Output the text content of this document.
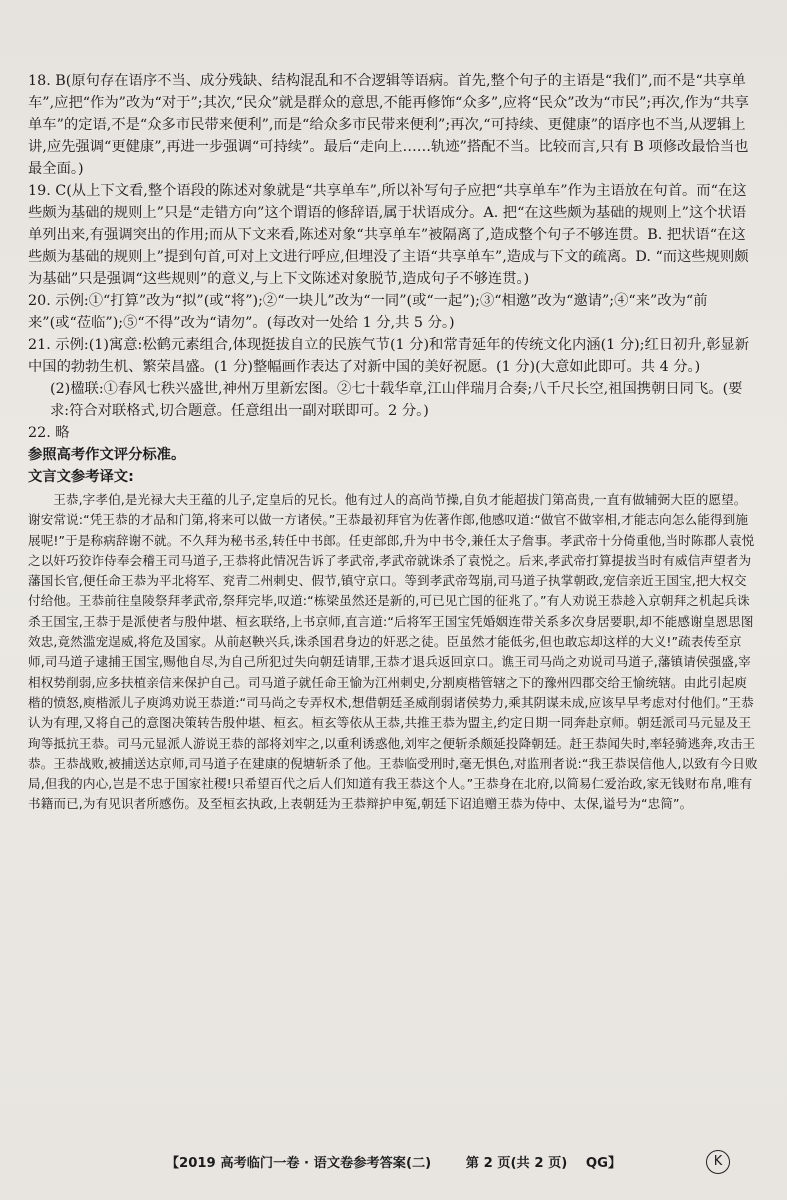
18. B(原句存在语序不当、成分残缺、结构混乱和不合逻辑等语病。首先,整个句子的主语是“我们”,而不是“共享单车”,应把“作为”改为“对于”;其次,“民众”就是群众的意思,不能再修饰“众多”,应将“民众”改为“市民”;再次,作为“共享单车”的定语,不是“众多市民带来便利”,而是“给众多市民带来便利”;再次,“可持续、更健康”的语序也不当,从逻辑上讲,应先强调“更健康”,再进一步强调“可持续”。最后“走向上……轨迹”搭配不当。比较而言,只有 B 项修改最恰当也最全面。)

19. C(从上下文看,整个语段的陈述对象就是“共享单车”,所以补写句子应把“共享单车”作为主语放在句首。而“在这些颇为基础的规则上”只是“走错方向”这个谓语的修辞语,属于状语成分。A. 把“在这些颇为基础的规则上”这个状语单列出来,有强调突出的作用;而从下文来看,陈述对象“共享单车”被隔离了,造成整个句子不够连贯。B. 把状语“在这些颇为基础的规则上”提到句首,可对上文进行呼应,但埋没了主语“共享单车”,造成与下文的疏离。D. “而这些规则颇为基础”只是强调“这些规则”的意义,与上下文陈述对象脱节,造成句子不够连贯。)

20. 示例:①“打算”改为“拟”(或“将”);②“一块儿”改为“一同”(或“一起”);③“相邀”改为“邀请”;④“来”改为“前来”(或“莅临”);⑤“不得”改为“请勿”。(每改对一处给 1 分,共 5 分。)

21. 示例:(1)寓意:松鹤元素组合,体现挺拔自立的民族气节(1 分)和常青延年的传统文化内涵(1 分);红日初升,彰显新中国的勃勃生机、繁荣昌盛。(1 分)整幅画作表达了对新中国的美好祝愿。(1 分)(大意如此即可。共 4 分。)

(2)楹联:①春风七秩兴盛世,神州万里新宏图。②七十载华章,江山伴瑞月合奏;八千尺长空,祖国携朝日同飞。(要求:符合对联格式,切合题意。任意组出一副对联即可。2 分。)

22. 略

参照高考作文评分标准。

文言文参考译文:

王恭,字孝伯,是光禄大夫王蕴的儿子,定皇后的兄长。他有过人的高尚节操,自负才能超拔门第高贵,一直有做辅弼大臣的愿望。谢安常说:“凭王恭的才品和门第,将来可以做一方诸侯。”王恭最初拜官为佐著作郎,他感叹道:“做官不做宰相,才能志向怎么能得到施展呢!”于是称病辞谢不就。不久拜为秘书丞,转任中书郎。任吏部郎,升为中书令,兼任太子詹事。孝武帝十分倚重他,当时陈郡人袁悦之以奸巧狡诈侍奉会稽王司马道子,王恭将此情况告诉了孝武帝,孝武帝就诛杀了袁悦之。后来,孝武帝打算提拔当时有威信声望者为藩国长官,便任命王恭为平北将军、兖青二州刺史、假节,镇守京口。等到孝武帝驾崩,司马道子执掌朝政,宠信亲近王国宝,把大权交付给他。王恭前往皇陵祭拜孝武帝,祭拜完毕,叹道:“栋梁虽然还是新的,可已见亡国的征兆了。”有人劝说王恭趁入京朝拜之机起兵诛杀王国宝,王恭于是派使者与殷仲堪、桓玄联络,上书京师,直言道:“后将军王国宝凭婚姻连带关系多次身居要职,却不能感谢皇恩思图效忠,竟然滥宠逞威,将危及国家。从前赵鞅兴兵,诛杀国君身边的奸恶之徒。臣虽然才能低劣,但也敢忘却这样的大义!”疏表传至京师,司马道子逮捕王国宝,赐他自尽,为自己所犯过失向朝廷请罪,王恭才退兵返回京口。谯王司马尚之劝说司马道子,藩镇请侯强盛,宰相权势削弱,应多扶植亲信来保护自己。司马道子就任命王愉为江州刺史,分割庾楷管辖之下的豫州四郡交给王愉统辖。由此引起庾楷的愤怒,庾楷派儿子庾鸿劝说王恭道:“司马尚之专弄权术,想借朝廷圣威削弱诸侯势力,乘其阴谋未成,应该早早考虑对付他们。”王恭认为有理,又将自己的意图决策转告殷仲堪、桓玄。桓玄等依从王恭,共推王恭为盟主,约定日期一同奔赴京师。朝廷派司马元显及王珣等抵抗王恭。司马元显派人游说王恭的部将刘牢之,以重利诱惑他,刘牢之便斩杀颇延投降朝廷。赶王恭闻失时,率轻骑逃奔,攻击王恭。王恭战败,被捕送达京师,司马道子在建康的倪塘斩杀了他。王恭临受刑时,毫无惧色,对监刑者说:“我王恭误信他人,以致有今日败局,但我的内心,岂是不忠于国家社稷!只希望百代之后人们知道有我王恭这个人。”王恭身在北府,以简易仁爱治政,家无钱财布帛,唯有书籍而已,为有见识者所感伤。及至桓玄执政,上表朝廷为王恭辩护申冤,朝廷下诏追赠王恭为侍中、太保,谥号为“忠简”。

【2019 高考临门一卷 · 语文卷参考答案(二)	第 2 页(共 2 页) QG】	K
